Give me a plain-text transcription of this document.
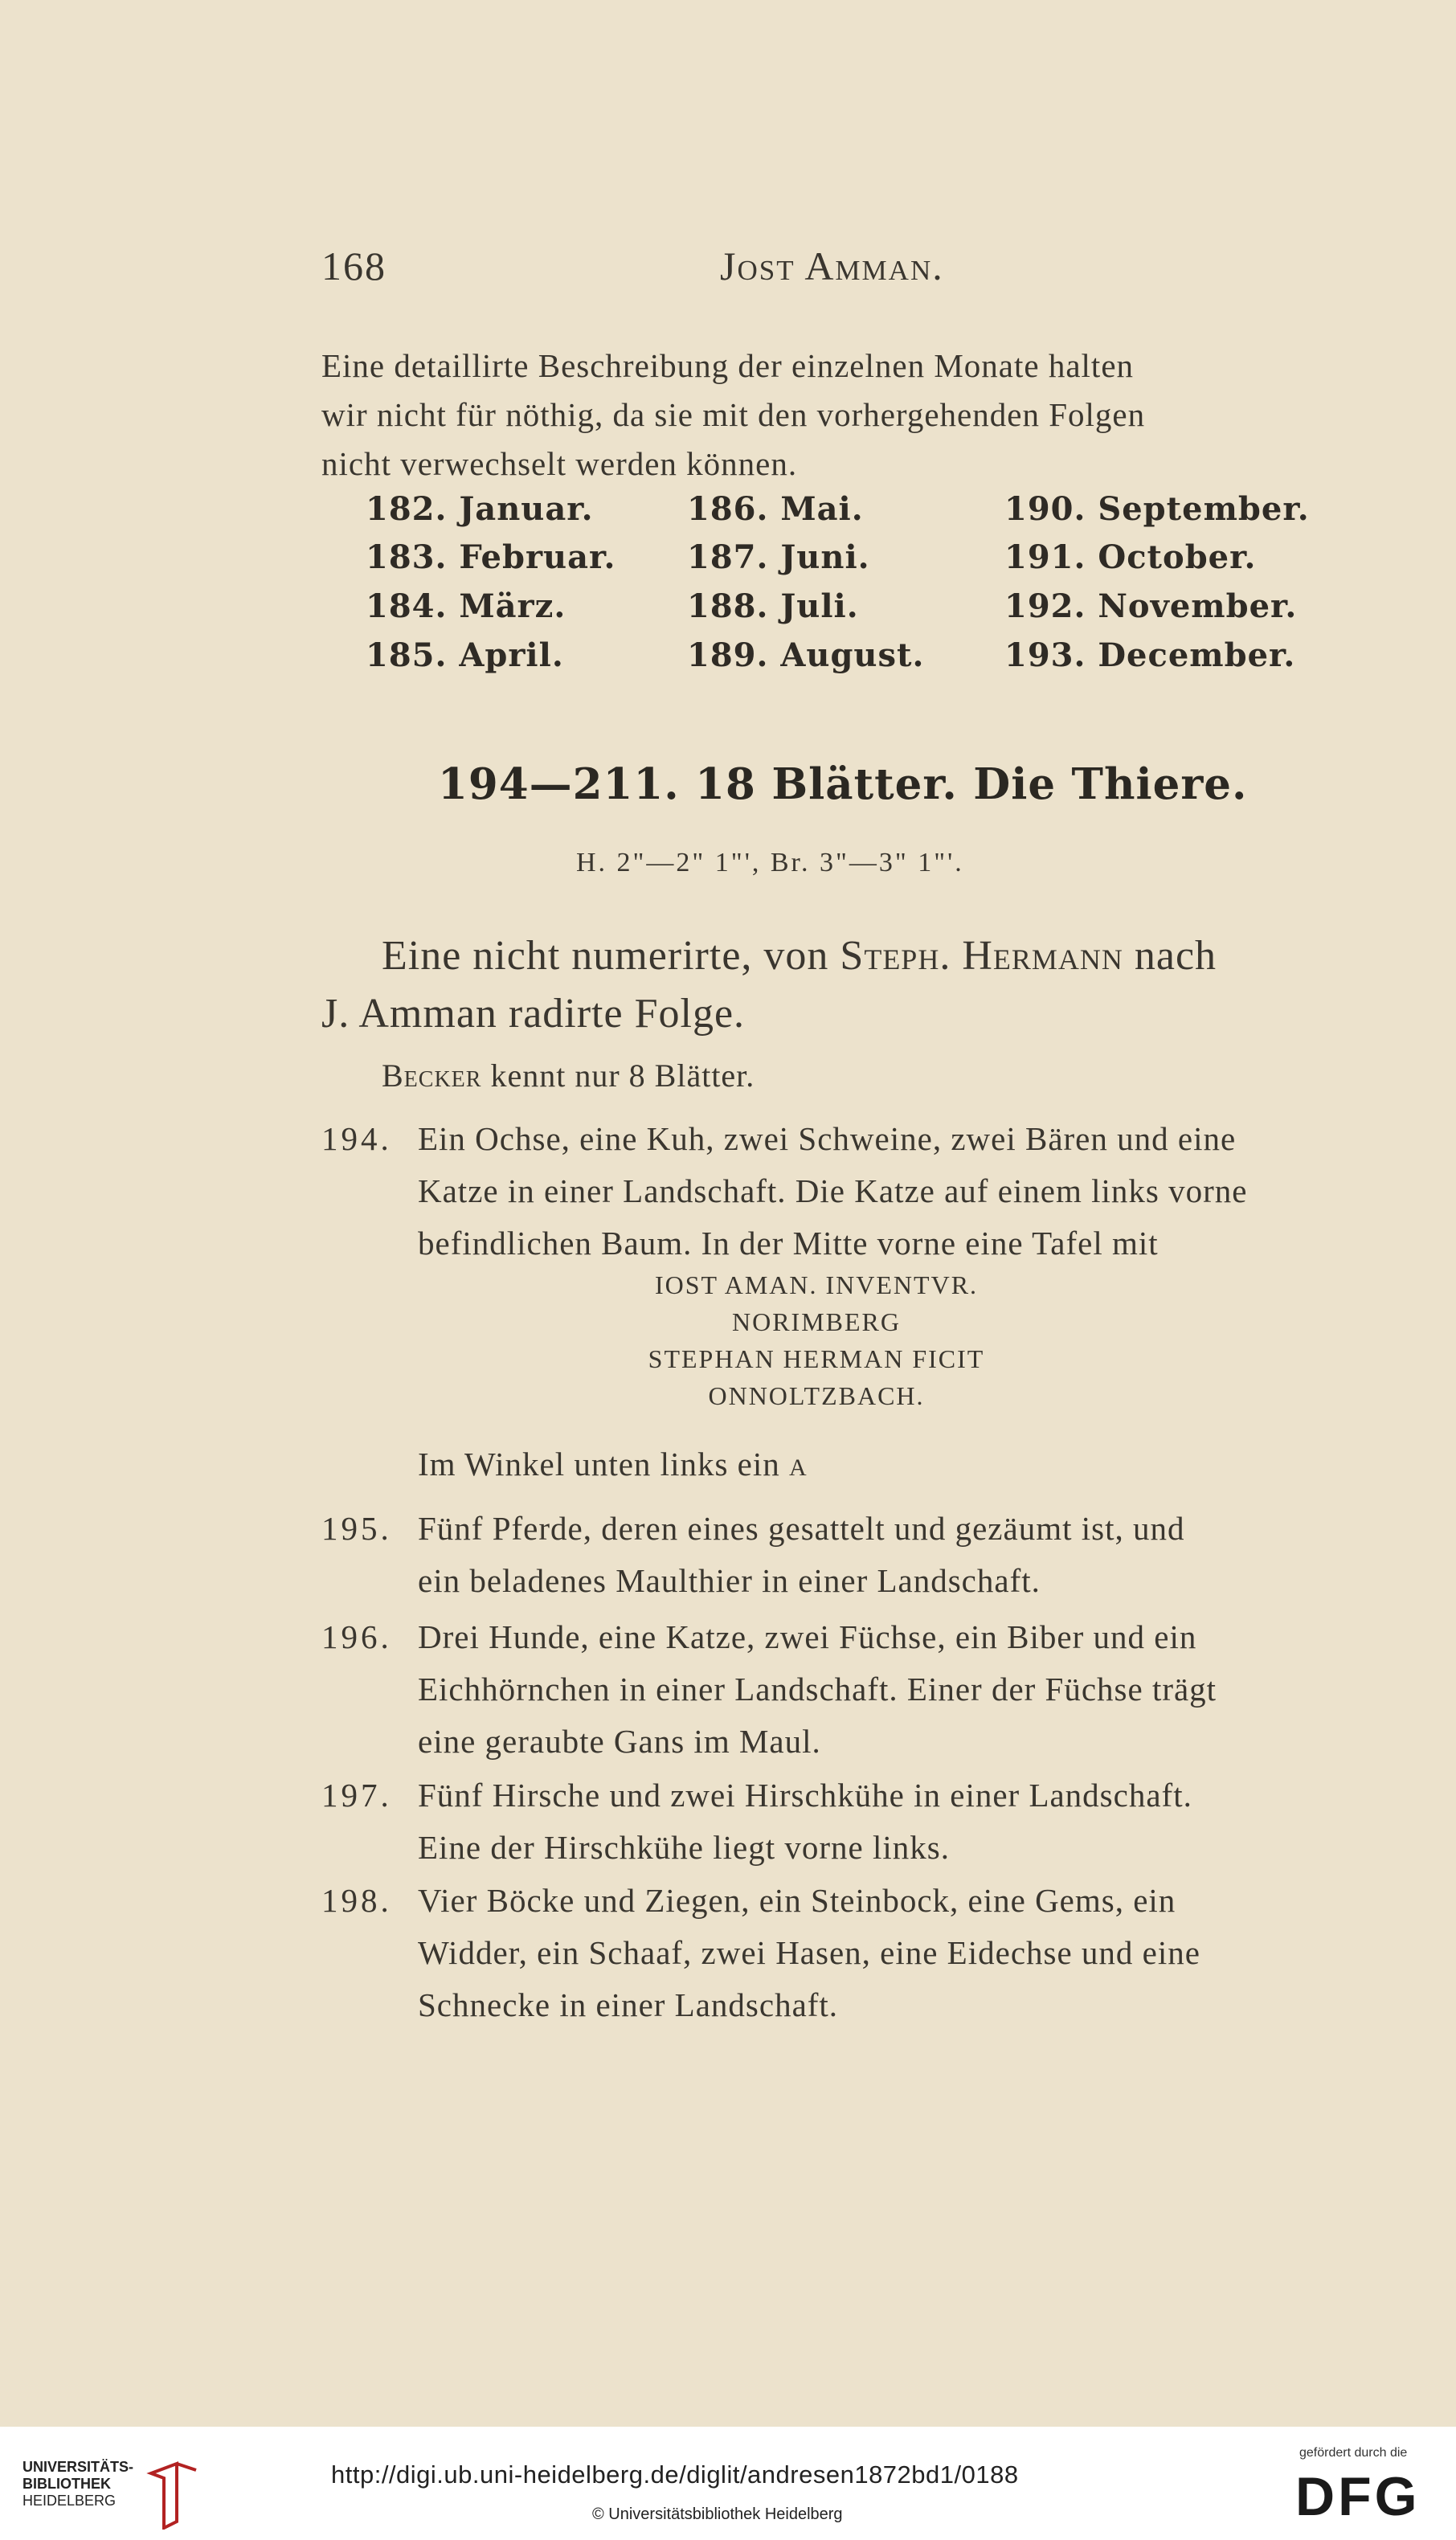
168	Jost Amman.
Eine detaillirte Beschreibung der einzelnen Monate halten
wir nicht für nöthig, da sie mit den vorhergehenden Folgen
nicht verwechselt werden können.
182. Januar.	186. Mai.	190. September.
183. Februar. 187. Juni.	191. October.
184. März.	188. Juli.	192. November.
185. April.	189. August. 193. December.
194—211. 18 Blätter. Die Thiere.
H. 2"—2" 1"', Br. 3"—3" 1"'.
Eine nicht numerirte, von Steph. Hermann nach
J. Amman radirte Folge.
Becker kennt nur 8 Blätter.
194. Ein Ochse, eine Kuh, zwei Schweine, zwei Bären und eine
Katze in einer Landschaft. Die Katze auf einem links vorne
befindlichen Baum. In der Mitte vorne eine Tafel mit
IOST AMAN. INVENTVR.
NORIMBERG
STEPHAN HERMAN FICIT
ONNOLTZBACH.
Im Winkel unten links ein A
195. Fünf Pferde, deren eines gesattelt und gezäumt ist, und
ein beladenes Maulthier in einer Landschaft.
196. Drei Hunde, eine Katze, zwei Füchse, ein Biber und ein
Eichhörnchen in einer Landschaft. Einer der Füchse trägt
eine geraubte Gans im Maul.
197. Fünf Hirsche und zwei Hirschkühe in einer Landschaft.
Eine der Hirschkühe liegt vorne links.
198. Vier Böcke und Ziegen, ein Steinbock, eine Gems, ein
Widder, ein Schaaf, zwei Hasen, eine Eidechse und eine
Schnecke in einer Landschaft.
UNIVERSITÄTS-
BIBLIOTHEK
HEIDELBERG
http://digi.ub.uni-heidelberg.de/diglit/andresen1872bd1/0188
© Universitätsbibliothek Heidelberg
gefördert durch die
DFG
